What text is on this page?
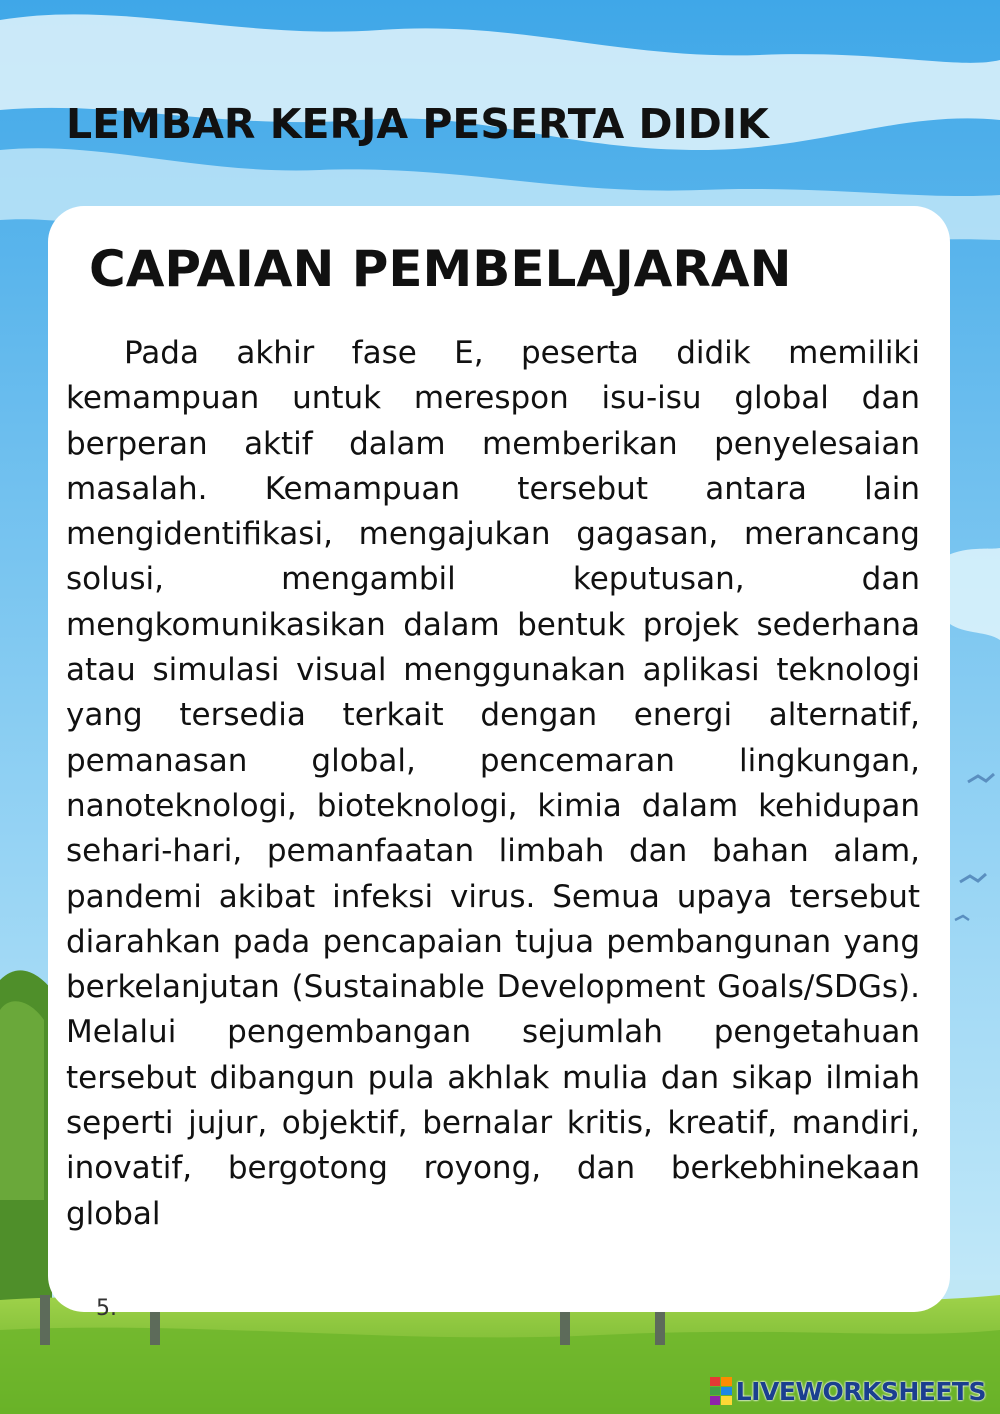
LEMBAR KERJA PESERTA DIDIK
CAPAIAN PEMBELAJARAN

Pada akhir fase E, peserta didik memiliki kemampuan untuk merespon isu-isu global dan berperan aktif dalam memberikan penyelesaian masalah. Kemampuan tersebut antara lain mengidentifikasi, mengajukan gagasan, merancang solusi, mengambil keputusan, dan mengkomunikasikan dalam bentuk projek sederhana atau simulasi visual menggunakan aplikasi teknologi yang tersedia terkait dengan energi alternatif, pemanasan global, pencemaran lingkungan, nanoteknologi, bioteknologi, kimia dalam kehidupan sehari-hari, pemanfaatan limbah dan bahan alam, pandemi akibat infeksi virus. Semua upaya tersebut diarahkan pada pencapaian tujua pembangunan yang berkelanjutan (Sustainable Development Goals/SDGs). Melalui pengembangan sejumlah pengetahuan tersebut dibangun pula akhlak mulia dan sikap ilmiah seperti jujur, objektif, bernalar kritis, kreatif, mandiri, inovatif, bergotong royong, dan berkebhinekaan global

5.
LIVEWORKSHEETS
